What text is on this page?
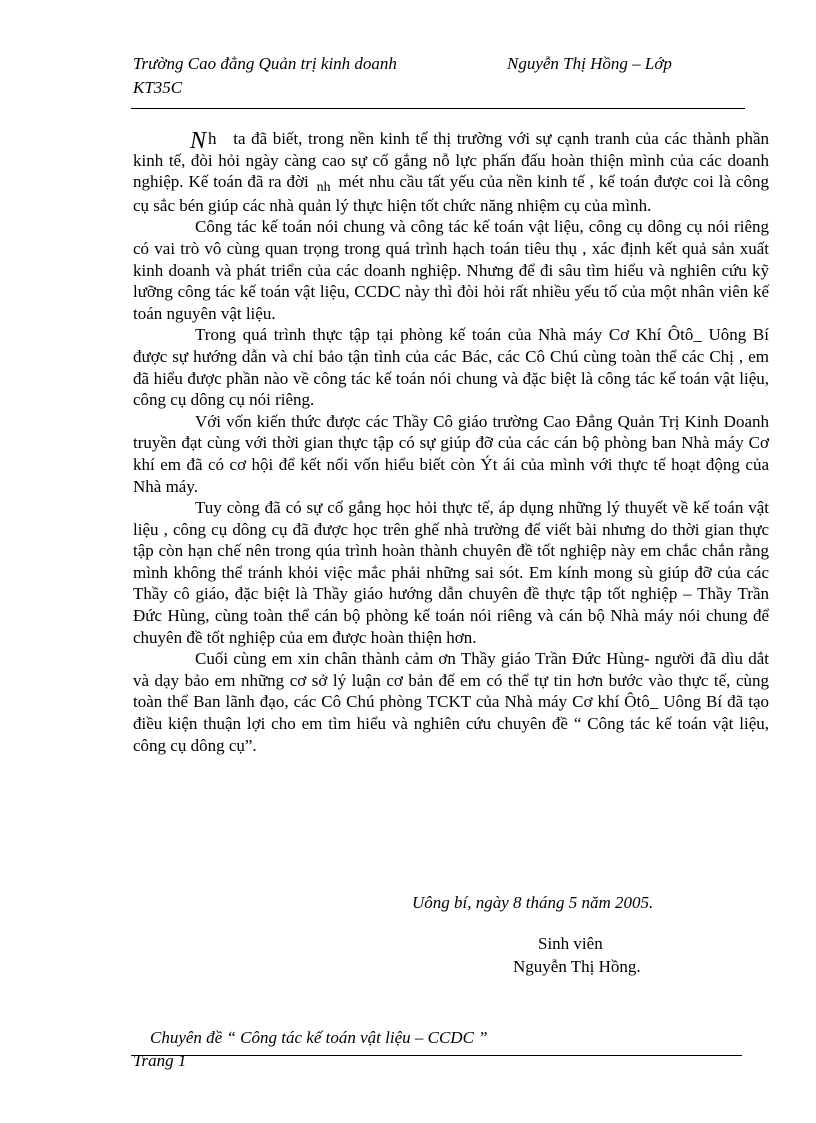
Trường Cao đẳng Quản trị kinh doanh	Nguyễn Thị Hồng – Lớp
KT35C

N h ta đã biết, trong nền kinh tế thị trường với sự cạnh tranh của các thành phần kinh tế, đòi hỏi ngày càng cao sự cố gắng nỗ lực phấn đấu hoàn thiện mình của các doanh nghiệp. Kế toán đã ra đời $_{nh}$ mét nhu cầu tất yếu của nền kinh tế , kế toán được coi là công cụ sắc bén giúp các nhà quản lý thực hiện tốt chức năng nhiệm cụ của mình.

Công tác kế toán nói chung và công tác kế toán vật liệu, công cụ dông cụ nói riêng có vai trò vô cùng quan trọng trong quá trình hạch toán tiêu thụ , xác định kết quả sản xuất kinh doanh và phát triển của các doanh nghiệp. Nhưng để đi sâu tìm hiểu và nghiên cứu kỹ lưỡng công tác kế toán vật liệu, CCDC này thì đòi hỏi rất nhiều yếu tố của một nhân viên kế toán nguyên vật liệu.

Trong quá trình thực tập tại phòng kế toán của Nhà máy Cơ Khí Ôtô_ Uông Bí được sự hướng dẫn và chỉ bảo tận tình của các Bác, các Cô Chú cùng toàn thể các Chị , em đã hiểu được phần nào về công tác kế toán nói chung và đặc biệt là công tác kế toán vật liệu, công cụ dông cụ nói riêng.

Với vốn kiến thức được các Thầy Cô giáo trường Cao Đẳng Quản Trị Kinh Doanh truyền đạt cùng với thời gian thực tập có sự giúp đỡ của các cán bộ phòng ban Nhà máy Cơ khí em đã có cơ hội để kết nối vốn hiểu biết còn Ýt ái của mình với thực tế hoạt động của Nhà máy.

Tuy còng đã có sự cố gắng học hỏi thực tế, áp dụng những lý thuyết về kế toán vật liệu , công cụ dông cụ đã được học trên ghế nhà trường để viết bài nhưng do thời gian thực tập còn hạn chế nên trong qúa trình hoàn thành chuyên đề tốt nghiệp này em chắc chắn rằng mình không thể tránh khỏi việc mắc phải những sai sót. Em kính mong sù giúp đỡ của các Thầy cô giáo, đặc biệt là Thầy giáo hướng dẫn chuyên đề thực tập tốt nghiệp – Thầy Trần Đức Hùng, cùng toàn thể cán bộ phòng kế toán nói riêng và cán bộ Nhà máy nói chung để chuyên đề tốt nghiệp của em được hoàn thiện hơn.

Cuối cùng em xin chân thành cảm ơn Thầy giáo Trần Đức Hùng- người đã dìu dắt và dạy bảo em những cơ sở lý luận cơ bản để em có thể tự tin hơn bước vào thực tế, cùng toàn thể Ban lãnh đạo, các Cô Chú phòng TCKT của Nhà máy Cơ khí Ôtô_ Uông Bí đã tạo điều kiện thuận lợi cho em tìm hiểu và nghiên cứu chuyên đề “ Công tác kế toán vật liệu, công cụ dông cụ”.

Uông bí, ngày 8 tháng 5 năm 2005.
Sinh viên
Nguyễn Thị Hồng.
Chuyên đề “ Công tác kế toán vật liệu – CCDC ”
Trang 1
